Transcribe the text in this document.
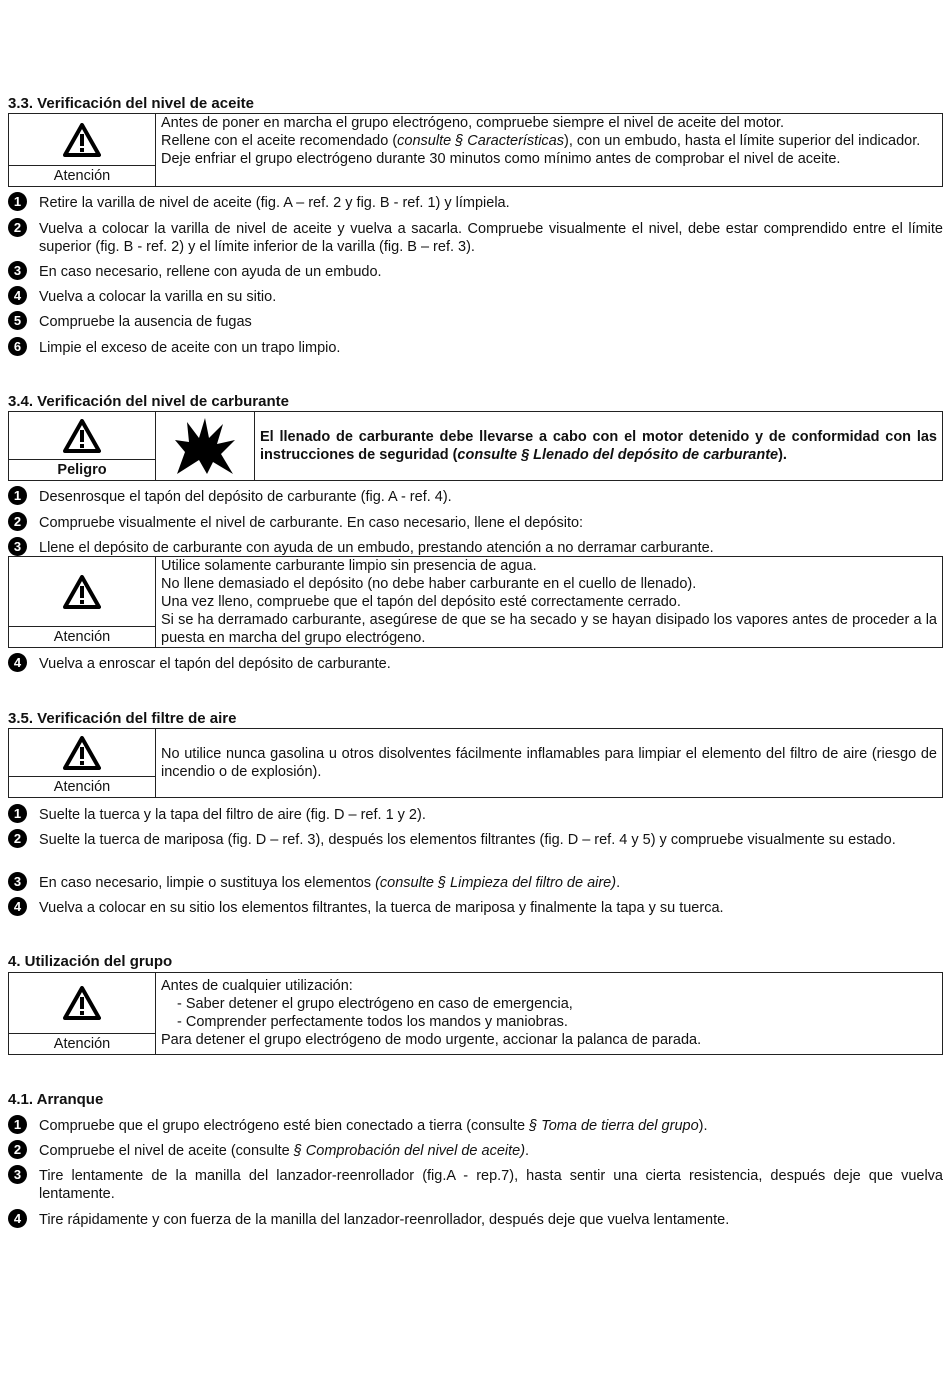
3.3. Verificación del nivel de aceite
Atención

Antes de poner en marcha el grupo electrógeno, compruebe siempre el nivel de aceite del motor.

Rellene con el aceite recomendado (consulte § Características), con un embudo, hasta el límite superior del indicador.

Deje enfriar el grupo electrógeno durante 30 minutos como mínimo antes de comprobar el nivel de aceite.

1	Retire la varilla de nivel de aceite (fig. A – ref. 2 y fig. B - ref. 1) y límpiela.
2	Vuelva a colocar la varilla de nivel de aceite y vuelva a sacarla. Compruebe visualmente el nivel, debe estar comprendido entre el límite superior (fig. B - ref. 2) y el límite inferior de la varilla (fig. B – ref. 3).
3	En caso necesario, rellene con ayuda de un embudo.
4	Vuelva a colocar la varilla en su sitio.
5	Compruebe la ausencia de fugas
6	Limpie el exceso de aceite con un trapo limpio.
3.4. Verificación del nivel de carburante
Peligro
El llenado de carburante debe llevarse a cabo con el motor detenido y de conformidad con las instrucciones de seguridad (consulte § Llenado del depósito de carburante).
1	Desenrosque el tapón del depósito de carburante (fig. A - ref. 4).
2	Compruebe visualmente el nivel de carburante. En caso necesario, llene el depósito:
3	Llene el depósito de carburante con ayuda de un embudo, prestando atención a no derramar carburante.
Atención

Utilice solamente carburante limpio sin presencia de agua.

No llene demasiado el depósito (no debe haber carburante en el cuello de llenado).

Una vez lleno, compruebe que el tapón del depósito esté correctamente cerrado.

Si se ha derramado carburante, asegúrese de que se ha secado y se hayan disipado los vapores antes de proceder a la puesta en marcha del grupo electrógeno.

4	Vuelva a enroscar el tapón del depósito de carburante.
3.5. Verificación del filtre de aire
Atención
No utilice nunca gasolina u otros disolventes fácilmente inflamables para limpiar el elemento del filtro de aire (riesgo de incendio o de explosión).
1	Suelte la tuerca y la tapa del filtro de aire (fig. D – ref. 1 y 2).
2	Suelte la tuerca de mariposa (fig. D – ref. 3), después los elementos filtrantes (fig. D – ref. 4 y 5) y compruebe visualmente su estado.
3	En caso necesario, limpie o sustituya los elementos (consulte § Limpieza del filtro de aire).
4	Vuelva a colocar en su sitio los elementos filtrantes, la tuerca de mariposa y finalmente la tapa y su tuerca.
4. Utilización del grupo
Atención

Antes de cualquier utilización:

- Saber detener el grupo electrógeno en caso de emergencia,

- Comprender perfectamente todos los mandos y maniobras.

Para detener el grupo electrógeno de modo urgente, accionar la palanca de parada.

4.1. Arranque
1	Compruebe que el grupo electrógeno esté bien conectado a tierra (consulte § Toma de tierra del grupo).
2	Compruebe el nivel de aceite (consulte § Comprobación del nivel de aceite).
3	Tire lentamente de la manilla del lanzador-reenrollador (fig.A - rep.7), hasta sentir una cierta resistencia, después deje que vuelva lentamente.
4	Tire rápidamente y con fuerza de la manilla del lanzador-reenrollador, después deje que vuelva lentamente.
